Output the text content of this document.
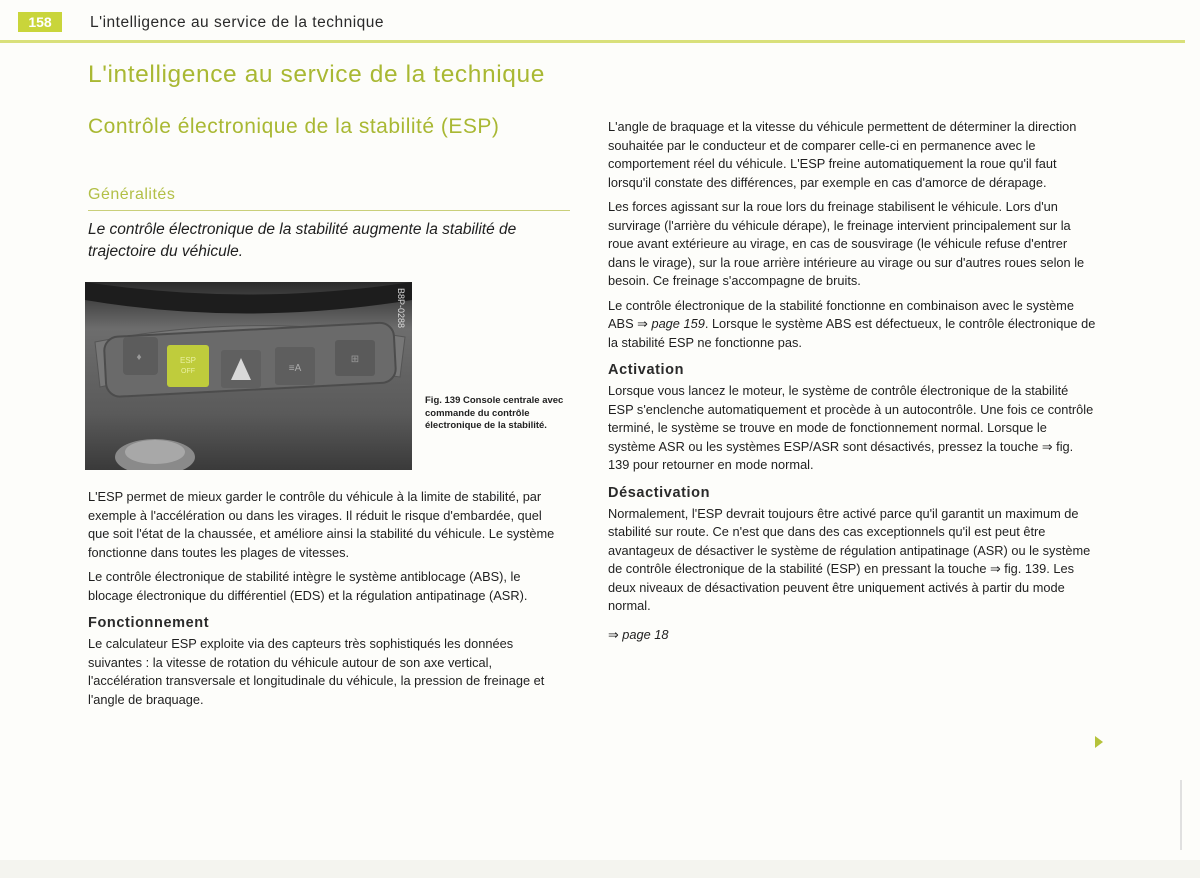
158	L'intelligence au service de la technique
L'intelligence au service de la technique
Contrôle électronique de la stabilité (ESP)
Généralités
Le contrôle électronique de la stabilité augmente la stabilité de trajectoire du véhicule.
ESP
OFF	≡A
⊞
♦
B8P-0288
Fig. 139 Console centrale avec commande du contrôle électronique de la stabilité.

L'ESP permet de mieux garder le contrôle du véhicule à la limite de stabilité, par exemple à l'accélération ou dans les virages. Il réduit le risque d'embardée, quel que soit l'état de la chaussée, et améliore ainsi la stabilité du véhicule. Le système fonctionne dans toutes les plages de vitesses.

Le contrôle électronique de stabilité intègre le système antiblocage (ABS), le blocage électronique du différentiel (EDS) et la régulation antipatinage (ASR).

Fonctionnement

Le calculateur ESP exploite via des capteurs très sophistiqués les données suivantes : la vitesse de rotation du véhicule autour de son axe vertical, l'accélération transversale et longitudinale du véhicule, la pression de freinage et l'angle de braquage.

L'angle de braquage et la vitesse du véhicule permettent de déterminer la direction souhaitée par le conducteur et de comparer celle-ci en permanence avec le comportement réel du véhicule. L'ESP freine automatiquement la roue qu'il faut lorsqu'il constate des différences, par exemple en cas d'amorce de dérapage.

Les forces agissant sur la roue lors du freinage stabilisent le véhicule. Lors d'un survirage (l'arrière du véhicule dérape), le freinage intervient principalement sur la roue avant extérieure au virage, en cas de sousvirage (le véhicule refuse d'entrer dans le virage), sur la roue arrière intérieure au virage ou sur d'autres roues selon le besoin. Ce freinage s'accompagne de bruits.

Le contrôle électronique de la stabilité fonctionne en combinaison avec le système ABS ⇒ page 159. Lorsque le système ABS est défectueux, le contrôle électronique de la stabilité ESP ne fonctionne pas.

Activation

Lorsque vous lancez le moteur, le système de contrôle électronique de la stabilité ESP s'enclenche automatiquement et procède à un autocontrôle. Une fois ce contrôle terminé, le système se trouve en mode de fonctionnement normal. Lorsque le système ASR ou les systèmes ESP/ASR sont désactivés, pressez la touche ⇒ fig. 139 pour retourner en mode normal.

Désactivation

Normalement, l'ESP devrait toujours être activé parce qu'il garantit un maximum de stabilité sur route. Ce n'est que dans des cas exceptionnels qu'il est peut être avantageux de désactiver le système de régulation antipatinage (ASR) ou le système de contrôle électronique de la stabilité (ESP) en pressant la touche ⇒ fig. 139. Les deux niveaux de désactivation peuvent être uniquement activés à partir du mode normal.

⇒ page 18
